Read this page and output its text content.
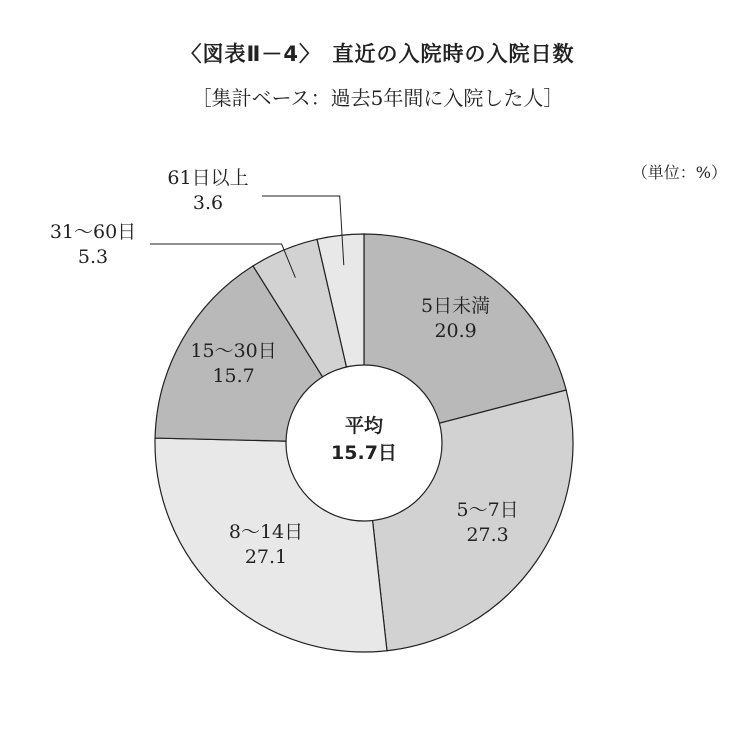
〈図表Ⅱ－4〉　直近の入院時の入院日数
［集計ベース：過去5年間に入院した人］
（単位：%）
5日未満
20.9
5～7日
27.3
8～14日
27.1
15～30日
15.7
31～60日
5.3
61日以上
3.6
平均
15.7日
